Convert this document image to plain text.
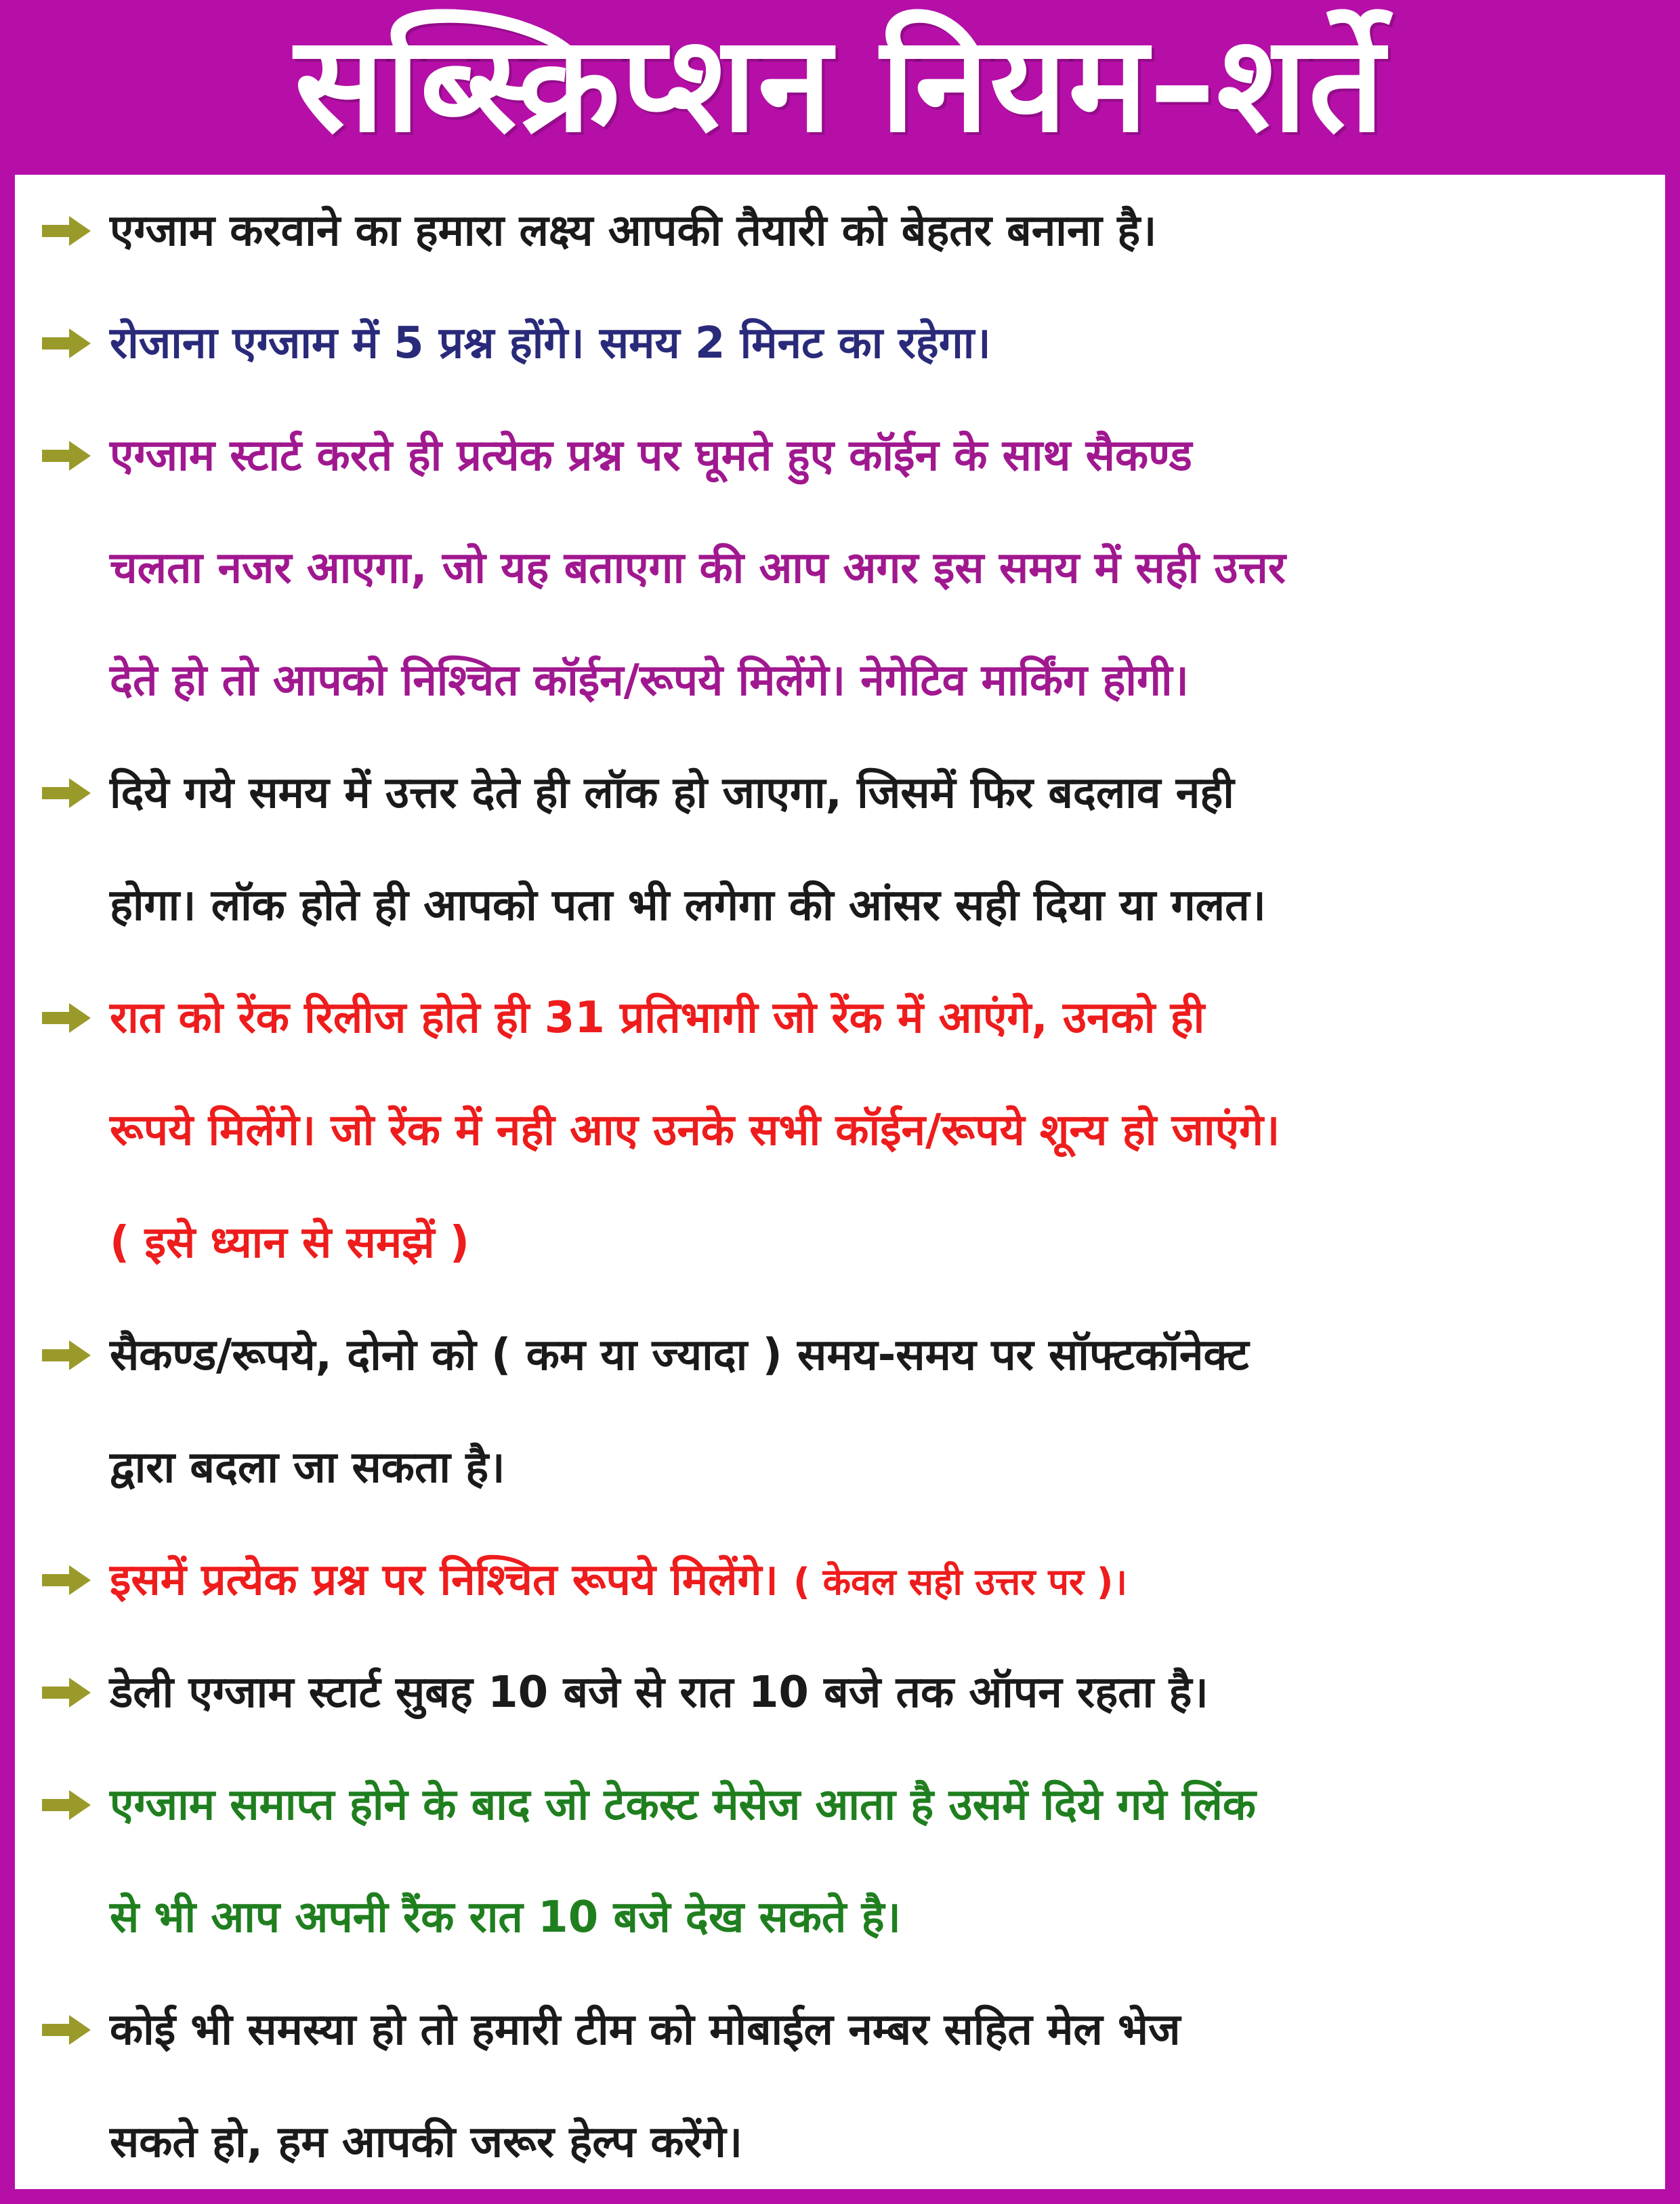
सब्स्क्रिप्शन नियम–शर्ते
एग्जाम करवाने का हमारा लक्ष्य आपकी तैयारी को बेहतर बनाना है।
रोजाना एग्जाम में 5 प्रश्न होंगे। समय 2 मिनट का रहेगा।
एग्जाम स्टार्ट करते ही प्रत्येक प्रश्न पर घूमते हुए कॉईन के साथ सैकण्ड
चलता नजर आएगा, जो यह बताएगा की आप अगर इस समय में सही उत्तर
देते हो तो आपको निश्चित कॉईन/रूपये मिलेंगे। नेगेटिव मार्किंग होगी।
दिये गये समय में उत्तर देते ही लॉक हो जाएगा, जिसमें फिर बदलाव नही
होगा। लॉक होते ही आपको पता भी लगेगा की आंसर सही दिया या गलत।
रात को रेंक रिलीज होते ही 31 प्रतिभागी जो रेंक में आएंगे, उनको ही
रूपये मिलेंगे। जो रेंक में नही आए उनके सभी कॉईन/रूपये शून्य हो जाएंगे।
( इसे ध्यान से समझें )
सैकण्ड/रूपये, दोनो को ( कम या ज्यादा ) समय-समय पर सॉफ्टकॉनेक्ट
द्वारा बदला जा सकता है।
इसमें प्रत्येक प्रश्न पर निश्चित रूपये मिलेंगे। ( केवल सही उत्तर पर )।
डेली एग्जाम स्टार्ट सुबह 10 बजे से रात 10 बजे तक ऑपन रहता है।
एग्जाम समाप्त होने के बाद जो टेकस्ट मेसेज आता है उसमें दिये गये लिंक
से भी आप अपनी रैंक रात 10 बजे देख सकते है।
कोई भी समस्या हो तो हमारी टीम को मोबाईल नम्बर सहित मेल भेज
सकते हो, हम आपकी जरूर हेल्प करेंगे।
